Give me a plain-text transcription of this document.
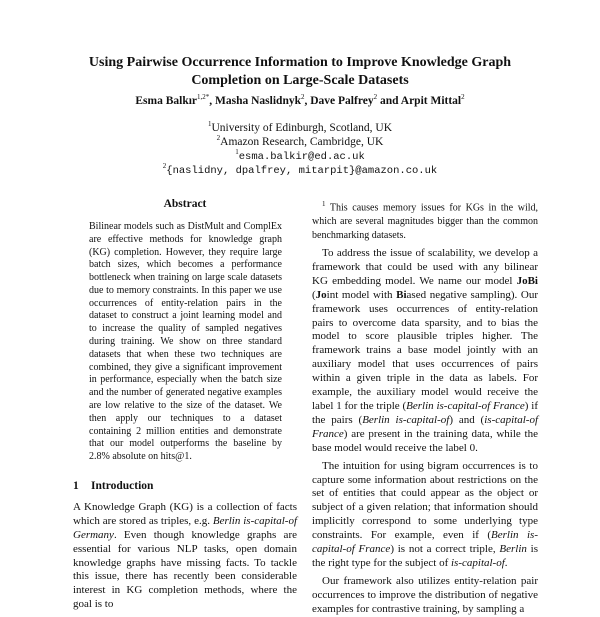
Using Pairwise Occurrence Information to Improve Knowledge Graph
Completion on Large-Scale Datasets
Esma Balkır$^{1,2*}$, Masha Naslidnyk$^2$, Dave Palfrey$^2$ and Arpit Mittal$^2$
$^1$University of Edinburgh, Scotland, UK
$^2$Amazon Research, Cambridge, UK
$^1$esma.balkir@ed.ac.uk
$^2${naslidny, dpalfrey, mitarpit}@amazon.co.uk
Abstract
Bilinear models such as DistMult and ComplEx are effective methods for knowledge graph (KG) completion. However, they require large batch sizes, which becomes a performance bottleneck when training on large scale datasets due to memory constraints. In this paper we use occurrences of entity-relation pairs in the dataset to construct a joint learning model and to increase the quality of sampled negatives during training. We show on three standard datasets that when these two techniques are combined, they give a significant improvement in performance, especially when the batch size and the number of generated negative examples are low relative to the size of the dataset. We then apply our techniques to a dataset containing 2 million entities and demonstrate that our model outperforms the baseline by 2.8% absolute on hits@1.
1 Introduction

A Knowledge Graph (KG) is a collection of facts which are stored as triples, e.g. Berlin is-capital-of Germany. Even though knowledge graphs are essential for various NLP tasks, open domain knowledge graphs have missing facts. To tackle this issue, there has recently been considerable interest in KG completion methods, where the goal is to

$^1$ This causes memory issues for KGs in the wild, which are several magnitudes bigger than the common benchmarking datasets.

To address the issue of scalability, we develop a framework that could be used with any bilinear KG embedding model. We name our model JoBi (Joint model with Biased negative sampling). Our framework uses occurrences of entity-relation pairs to overcome data sparsity, and to bias the model to score plausible triples higher. The framework trains a base model jointly with an auxiliary model that uses occurrences of pairs within a given triple in the data as labels. For example, the auxiliary model would receive the label 1 for the triple (Berlin is-capital-of France) if the pairs (Berlin is-capital-of) and (is-capital-of France) are present in the training data, while the base model would receive the label 0.

The intuition for using bigram occurrences is to capture some information about restrictions on the set of entities that could appear as the object or subject of a given relation; that information should implicitly correspond to some underlying type constraints. For example, even if (Berlin is-capital-of France) is not a correct triple, Berlin is the right type for the subject of is-capital-of.

Our framework also utilizes entity-relation pair occurrences to improve the distribution of negative examples for contrastive training, by sampling a
